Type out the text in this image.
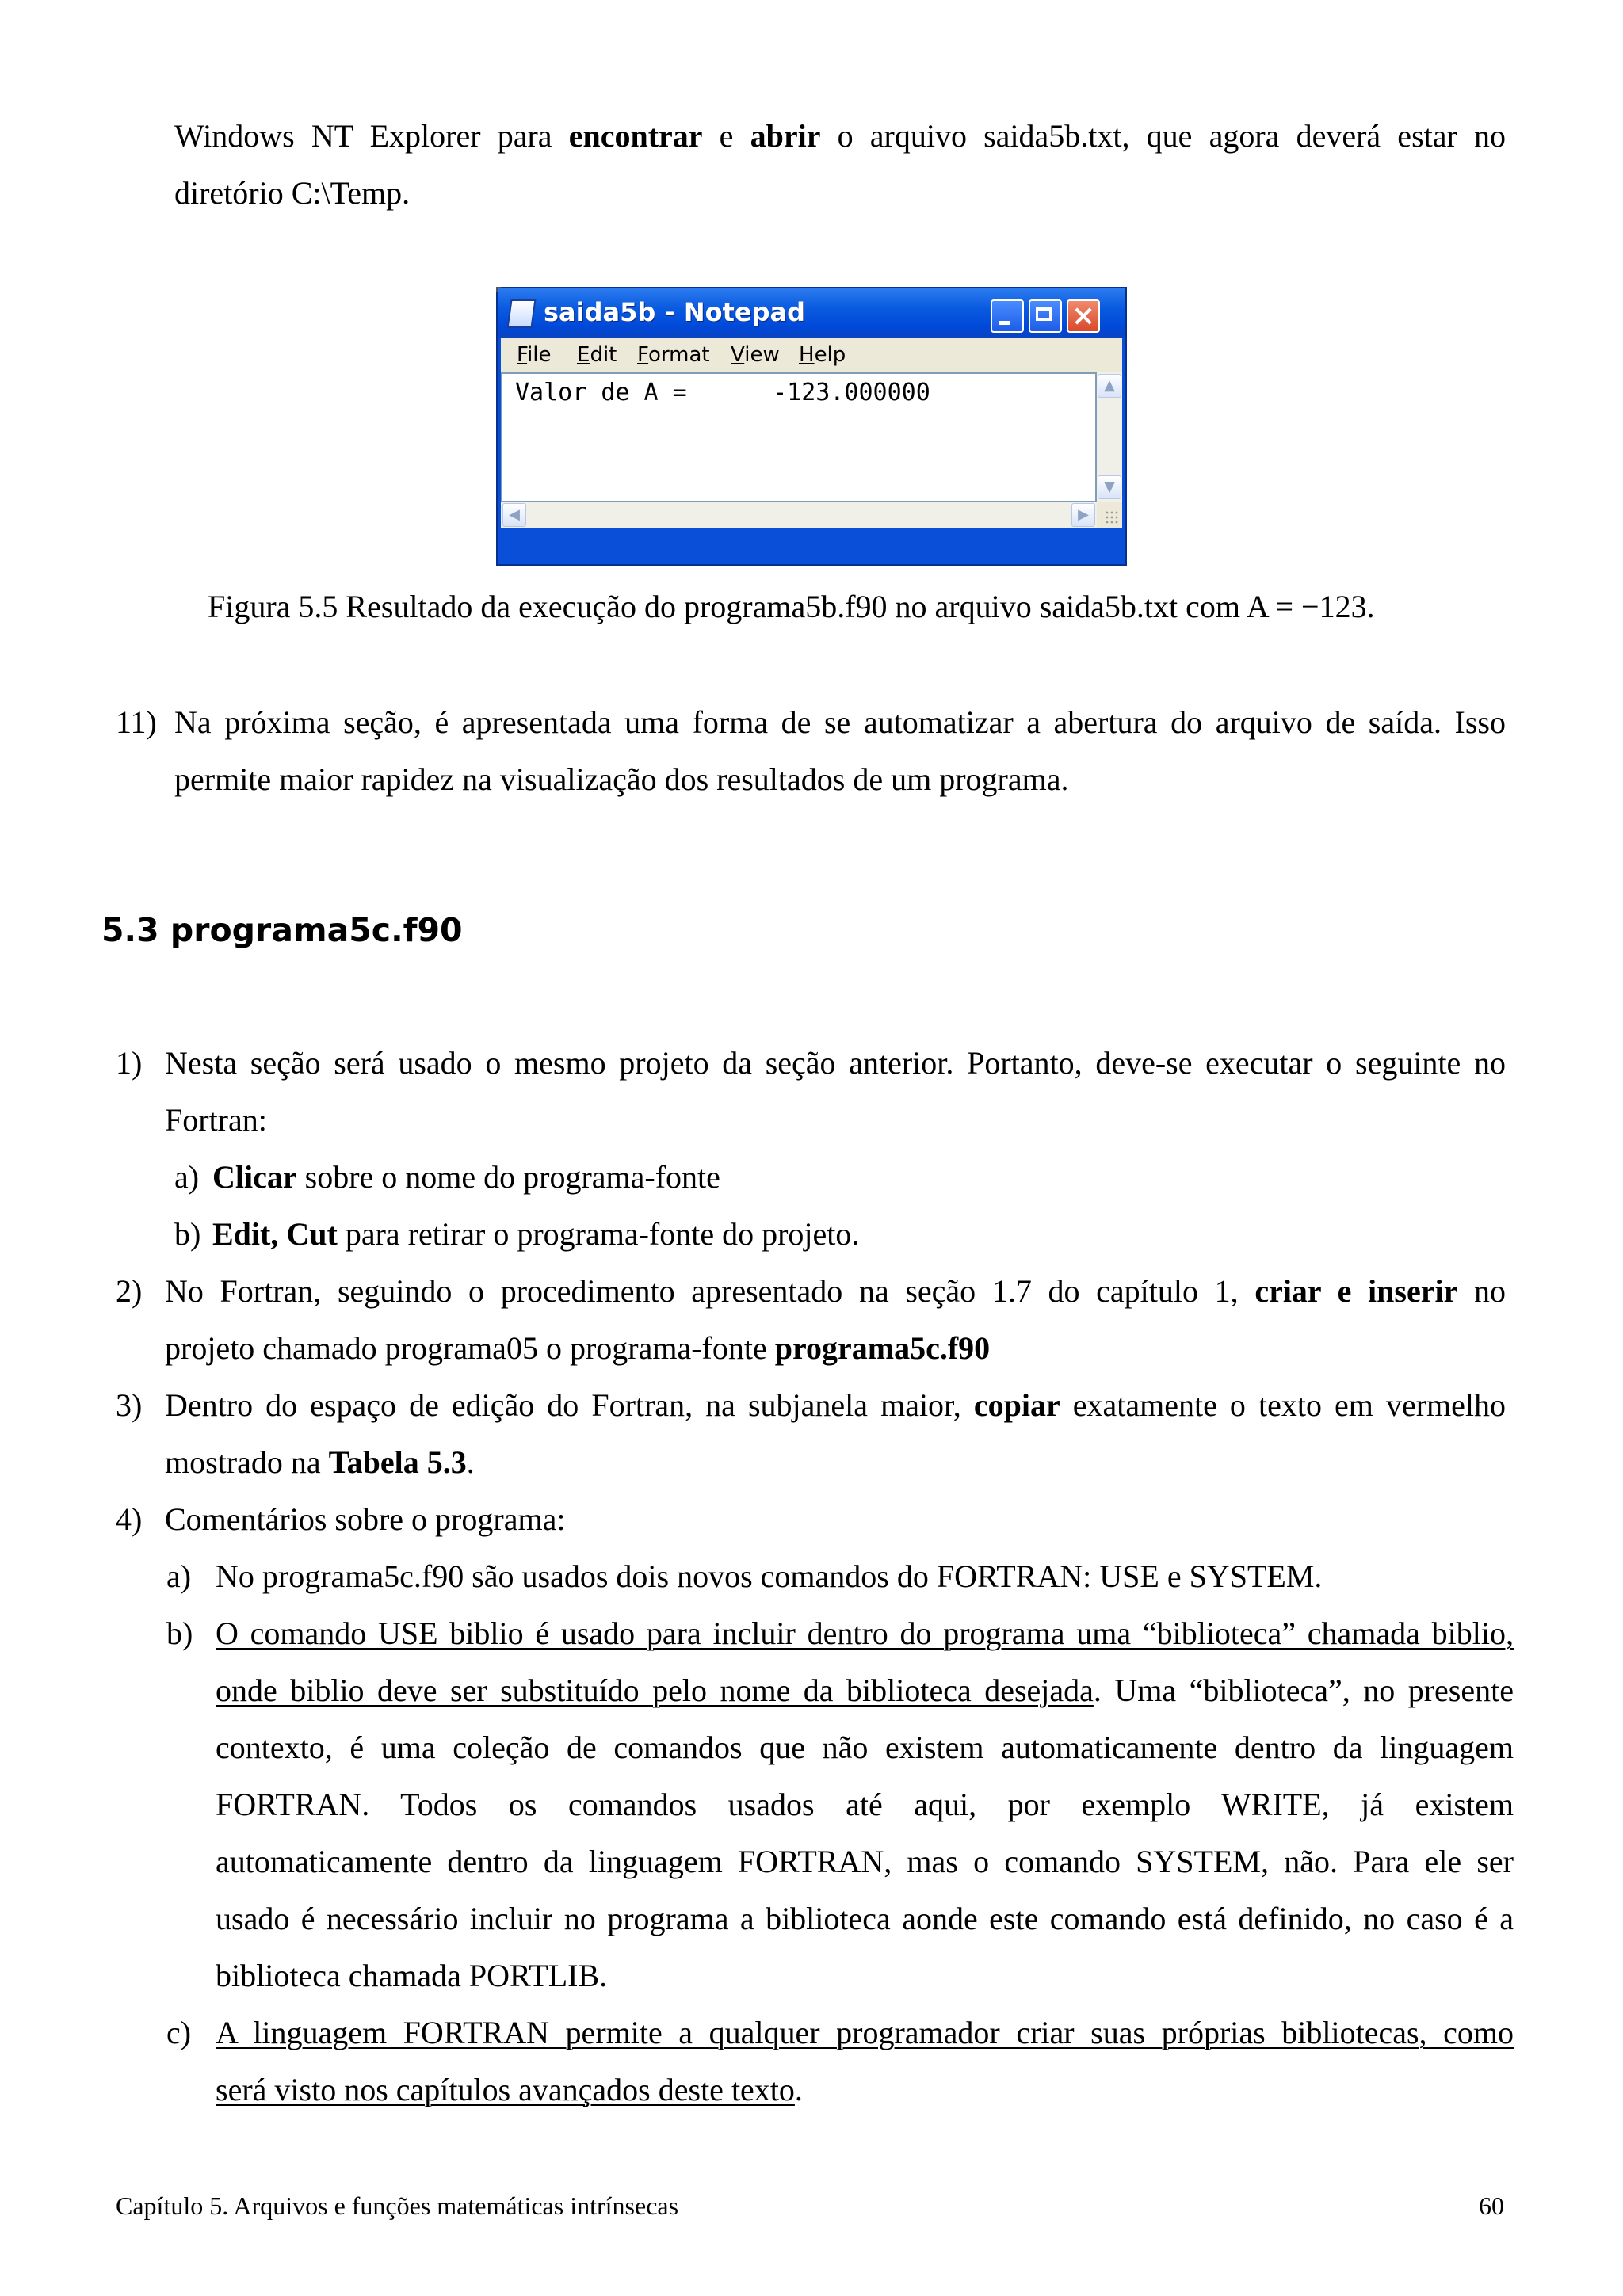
Windows NT Explorer para encontrar e abrir o arquivo saida5b.txt, que agora deverá estar no
diretório C:\Temp.
saida5b - Notepad
File Edit Format View Help
Valor de A =      -123.000000	▲
▼
◀	▶
Figura 5.5 Resultado da execução do programa5b.f90 no arquivo saida5b.txt com A = −123.
11) Na próxima seção, é apresentada uma forma de se automatizar a abertura do arquivo de saída. Isso
permite maior rapidez na visualização dos resultados de um programa.
5.3 programa5c.f90
1) Nesta seção será usado o mesmo projeto da seção anterior. Portanto, deve-se executar o seguinte no
Fortran:
a) Clicar sobre o nome do programa-fonte
b) Edit, Cut para retirar o programa-fonte do projeto.
2) No Fortran, seguindo o procedimento apresentado na seção 1.7 do capítulo 1, criar e inserir no
projeto chamado programa05 o programa-fonte programa5c.f90
3) Dentro do espaço de edição do Fortran, na subjanela maior, copiar exatamente o texto em vermelho
mostrado na Tabela 5.3.
4) Comentários sobre o programa:
a) No programa5c.f90 são usados dois novos comandos do FORTRAN: USE e SYSTEM.
b) O comando USE biblio é usado para incluir dentro do programa uma “biblioteca” chamada biblio,
onde biblio deve ser substituído pelo nome da biblioteca desejada. Uma “biblioteca”, no presente
contexto, é uma coleção de comandos que não existem automaticamente dentro da linguagem
FORTRAN. Todos os comandos usados até aqui, por exemplo WRITE, já existem
automaticamente dentro da linguagem FORTRAN, mas o comando SYSTEM, não. Para ele ser
usado é necessário incluir no programa a biblioteca aonde este comando está definido, no caso é a
biblioteca chamada PORTLIB.
c) A linguagem FORTRAN permite a qualquer programador criar suas próprias bibliotecas, como
será visto nos capítulos avançados deste texto.
Capítulo 5. Arquivos e funções matemáticas intrínsecas	60
